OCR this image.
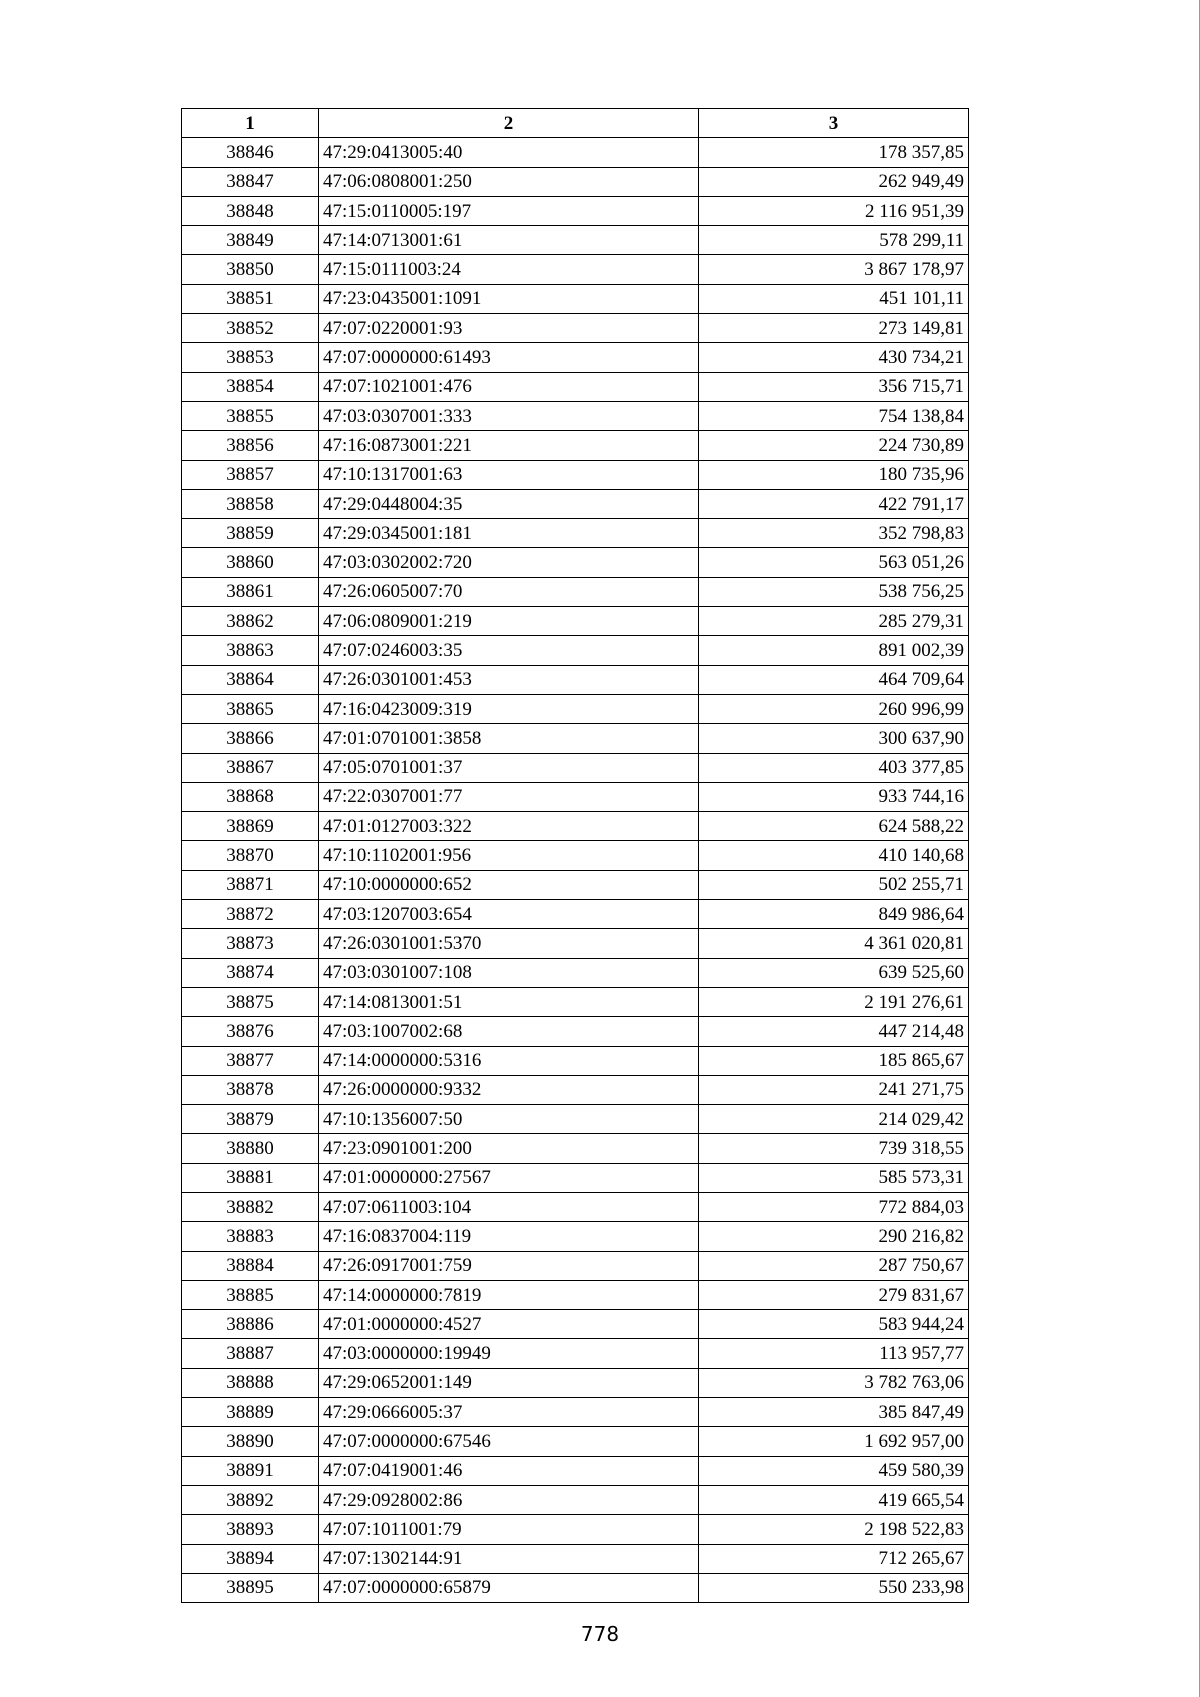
1	2	3
38846	47:29:0413005:40	178 357,85
38847	47:06:0808001:250	262 949,49
38848	47:15:0110005:197	2 116 951,39
38849	47:14:0713001:61	578 299,11
38850	47:15:0111003:24	3 867 178,97
38851	47:23:0435001:1091	451 101,11
38852	47:07:0220001:93	273 149,81
38853	47:07:0000000:61493	430 734,21
38854	47:07:1021001:476	356 715,71
38855	47:03:0307001:333	754 138,84
38856	47:16:0873001:221	224 730,89
38857	47:10:1317001:63	180 735,96
38858	47:29:0448004:35	422 791,17
38859	47:29:0345001:181	352 798,83
38860	47:03:0302002:720	563 051,26
38861	47:26:0605007:70	538 756,25
38862	47:06:0809001:219	285 279,31
38863	47:07:0246003:35	891 002,39
38864	47:26:0301001:453	464 709,64
38865	47:16:0423009:319	260 996,99
38866	47:01:0701001:3858	300 637,90
38867	47:05:0701001:37	403 377,85
38868	47:22:0307001:77	933 744,16
38869	47:01:0127003:322	624 588,22
38870	47:10:1102001:956	410 140,68
38871	47:10:0000000:652	502 255,71
38872	47:03:1207003:654	849 986,64
38873	47:26:0301001:5370	4 361 020,81
38874	47:03:0301007:108	639 525,60
38875	47:14:0813001:51	2 191 276,61
38876	47:03:1007002:68	447 214,48
38877	47:14:0000000:5316	185 865,67
38878	47:26:0000000:9332	241 271,75
38879	47:10:1356007:50	214 029,42
38880	47:23:0901001:200	739 318,55
38881	47:01:0000000:27567	585 573,31
38882	47:07:0611003:104	772 884,03
38883	47:16:0837004:119	290 216,82
38884	47:26:0917001:759	287 750,67
38885	47:14:0000000:7819	279 831,67
38886	47:01:0000000:4527	583 944,24
38887	47:03:0000000:19949	113 957,77
38888	47:29:0652001:149	3 782 763,06
38889	47:29:0666005:37	385 847,49
38890	47:07:0000000:67546	1 692 957,00
38891	47:07:0419001:46	459 580,39
38892	47:29:0928002:86	419 665,54
38893	47:07:1011001:79	2 198 522,83
38894	47:07:1302144:91	712 265,67
38895	47:07:0000000:65879	550 233,98
778
